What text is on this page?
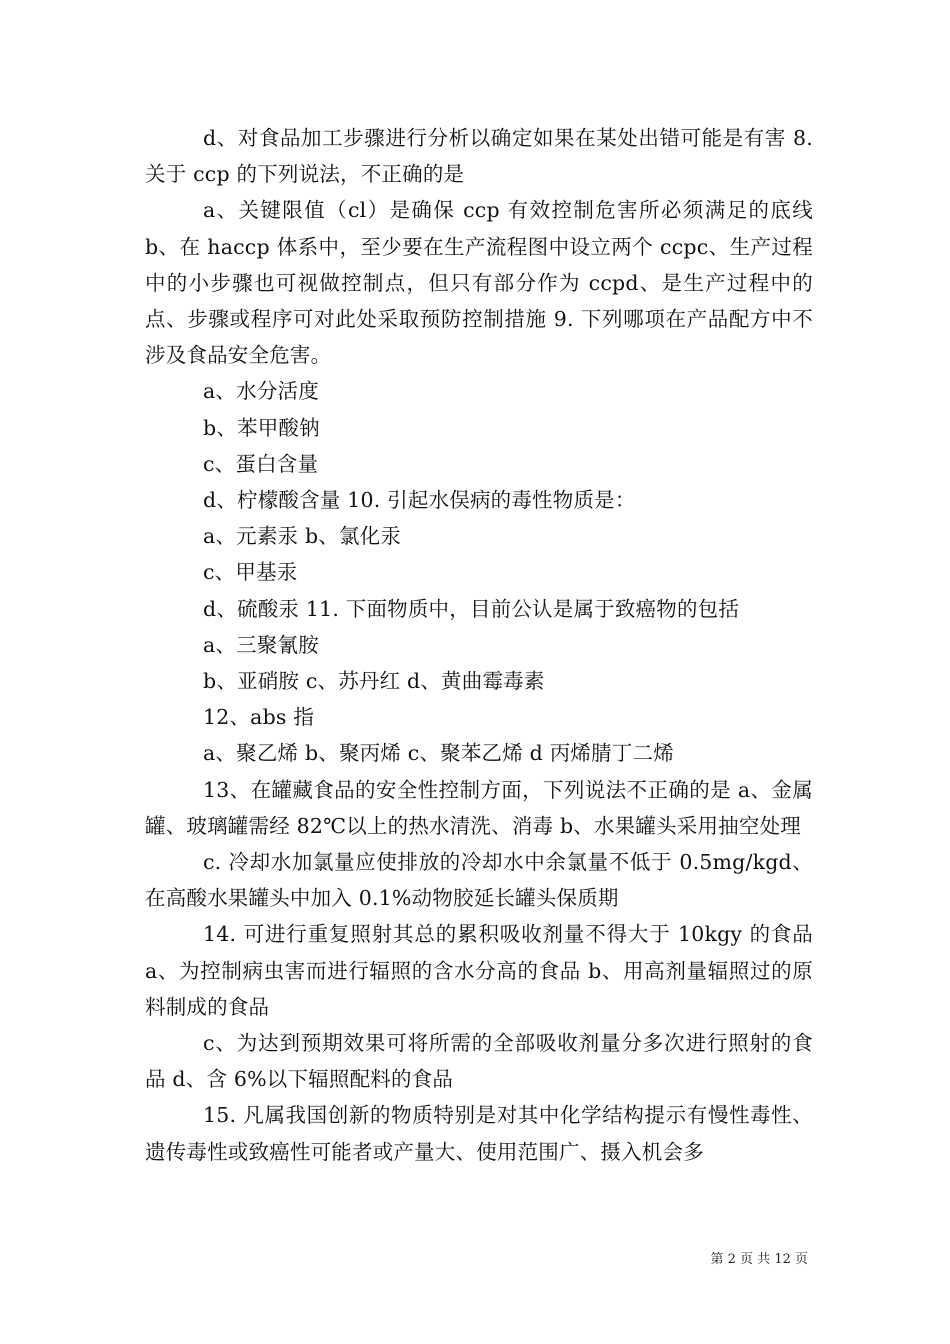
d、对食品加工步骤进行分析以确定如果在某处出错可能是有害 8. 关于 ccp 的下列说法，不正确的是

a、关键限值（cl）是确保 ccp 有效控制危害所必须满足的底线 b、在 haccp 体系中，至少要在生产流程图中设立两个 ccpc、生产过程中的小步骤也可视做控制点，但只有部分作为 ccpd、是生产过程中的点、步骤或程序可对此处采取预防控制措施 9. 下列哪项在产品配方中不涉及食品安全危害。

a、水分活度

b、苯甲酸钠

c、蛋白含量

d、柠檬酸含量 10. 引起水俣病的毒性物质是：

a、元素汞 b、氯化汞

c、甲基汞

d、硫酸汞 11. 下面物质中，目前公认是属于致癌物的包括

a、三聚氰胺

b、亚硝胺 c、苏丹红 d、黄曲霉毒素

12、abs 指

a、聚乙烯 b、聚丙烯 c、聚苯乙烯 d 丙烯腈丁二烯

13、在罐藏食品的安全性控制方面，下列说法不正确的是 a、金属罐、玻璃罐需经 82℃以上的热水清洗、消毒 b、水果罐头采用抽空处理

c. 冷却水加氯量应使排放的冷却水中余氯量不低于 0.5mg/kgd、在高酸水果罐头中加入 0.1%动物胶延长罐头保质期

14. 可进行重复照射其总的累积吸收剂量不得大于 10kgy 的食品 a、为控制病虫害而进行辐照的含水分高的食品 b、用高剂量辐照过的原料制成的食品

c、为达到预期效果可将所需的全部吸收剂量分多次进行照射的食品 d、含 6%以下辐照配料的食品

15. 凡属我国创新的物质特别是对其中化学结构提示有慢性毒性、遗传毒性或致癌性可能者或产量大、使用范围广、摄入机会多

第 2 页 共 12 页
